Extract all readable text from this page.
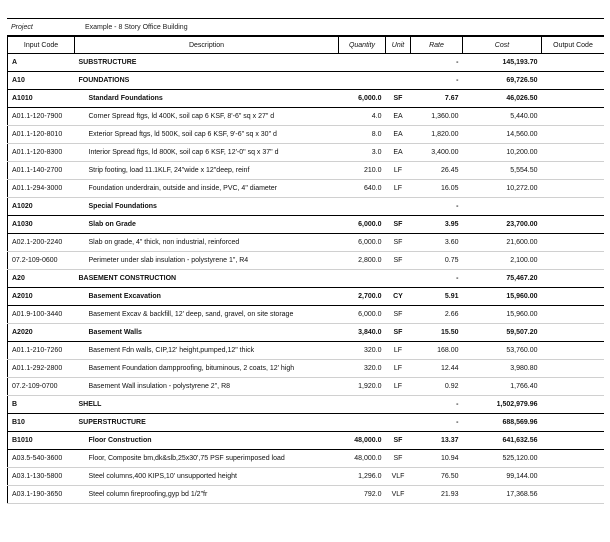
Project	Example - 8 Story Office Building
Input Code	Description	Quantity	Unit	Rate	Cost	Output Code
A	SUBSTRUCTURE			-	145,193.70	
A10	FOUNDATIONS			-	69,726.50	
A1010	Standard Foundations	6,000.0	SF	7.67	46,026.50	
A01.1-120-7900	Corner Spread ftgs, ld 400K, soil cap 6 KSF, 8'-6" sq x 27" d	4.0	EA	1,360.00	5,440.00	
A01.1-120-8010	Exterior Spread ftgs, ld 500K, soil cap 6 KSF, 9'-6" sq x 30" d	8.0	EA	1,820.00	14,560.00	
A01.1-120-8300	Interior Spread ftgs, ld 800K, soil cap 6 KSF, 12'-0" sq x 37" d	3.0	EA	3,400.00	10,200.00	
A01.1-140-2700	Strip footing, load 11.1KLF, 24"wide x 12"deep, reinf	210.0	LF	26.45	5,554.50	
A01.1-294-3000	Foundation underdrain, outside and inside, PVC, 4" diameter	640.0	LF	16.05	10,272.00	
A1020	Special Foundations			-		
A1030	Slab on Grade	6,000.0	SF	3.95	23,700.00	
A02.1-200-2240	Slab on grade, 4" thick, non industrial, reinforced	6,000.0	SF	3.60	21,600.00	
07.2-109-0600	Perimeter under slab insulation - polystyrene 1", R4	2,800.0	SF	0.75	2,100.00	
A20	BASEMENT CONSTRUCTION			-	75,467.20	
A2010	Basement Excavation	2,700.0	CY	5.91	15,960.00	
A01.9-100-3440	Basement Excav & backfill, 12' deep, sand, gravel, on site storage	6,000.0	SF	2.66	15,960.00	
A2020	Basement Walls	3,840.0	SF	15.50	59,507.20	
A01.1-210-7260	Basement Fdn walls, CIP,12' height,pumped,12" thick	320.0	LF	168.00	53,760.00	
A01.1-292-2800	Basement Foundation dampproofing, bituminous, 2 coats, 12' high	320.0	LF	12.44	3,980.80	
07.2-109-0700	Basement Wall insulation - polystyrene 2", R8	1,920.0	LF	0.92	1,766.40	
B	SHELL			-	1,502,979.96	
B10	SUPERSTRUCTURE			-	688,569.96	
B1010	Floor Construction	48,000.0	SF	13.37	641,632.56	
A03.5-540-3600	Floor, Composite bm,dk&slb,25x30',75 PSF superimposed load	48,000.0	SF	10.94	525,120.00	
A03.1-130-5800	Steel columns,400 KIPS,10' unsupported height	1,296.0	VLF	76.50	99,144.00	
A03.1-190-3650	Steel column fireproofing,gyp bd 1/2"fr	792.0	VLF	21.93	17,368.56	
